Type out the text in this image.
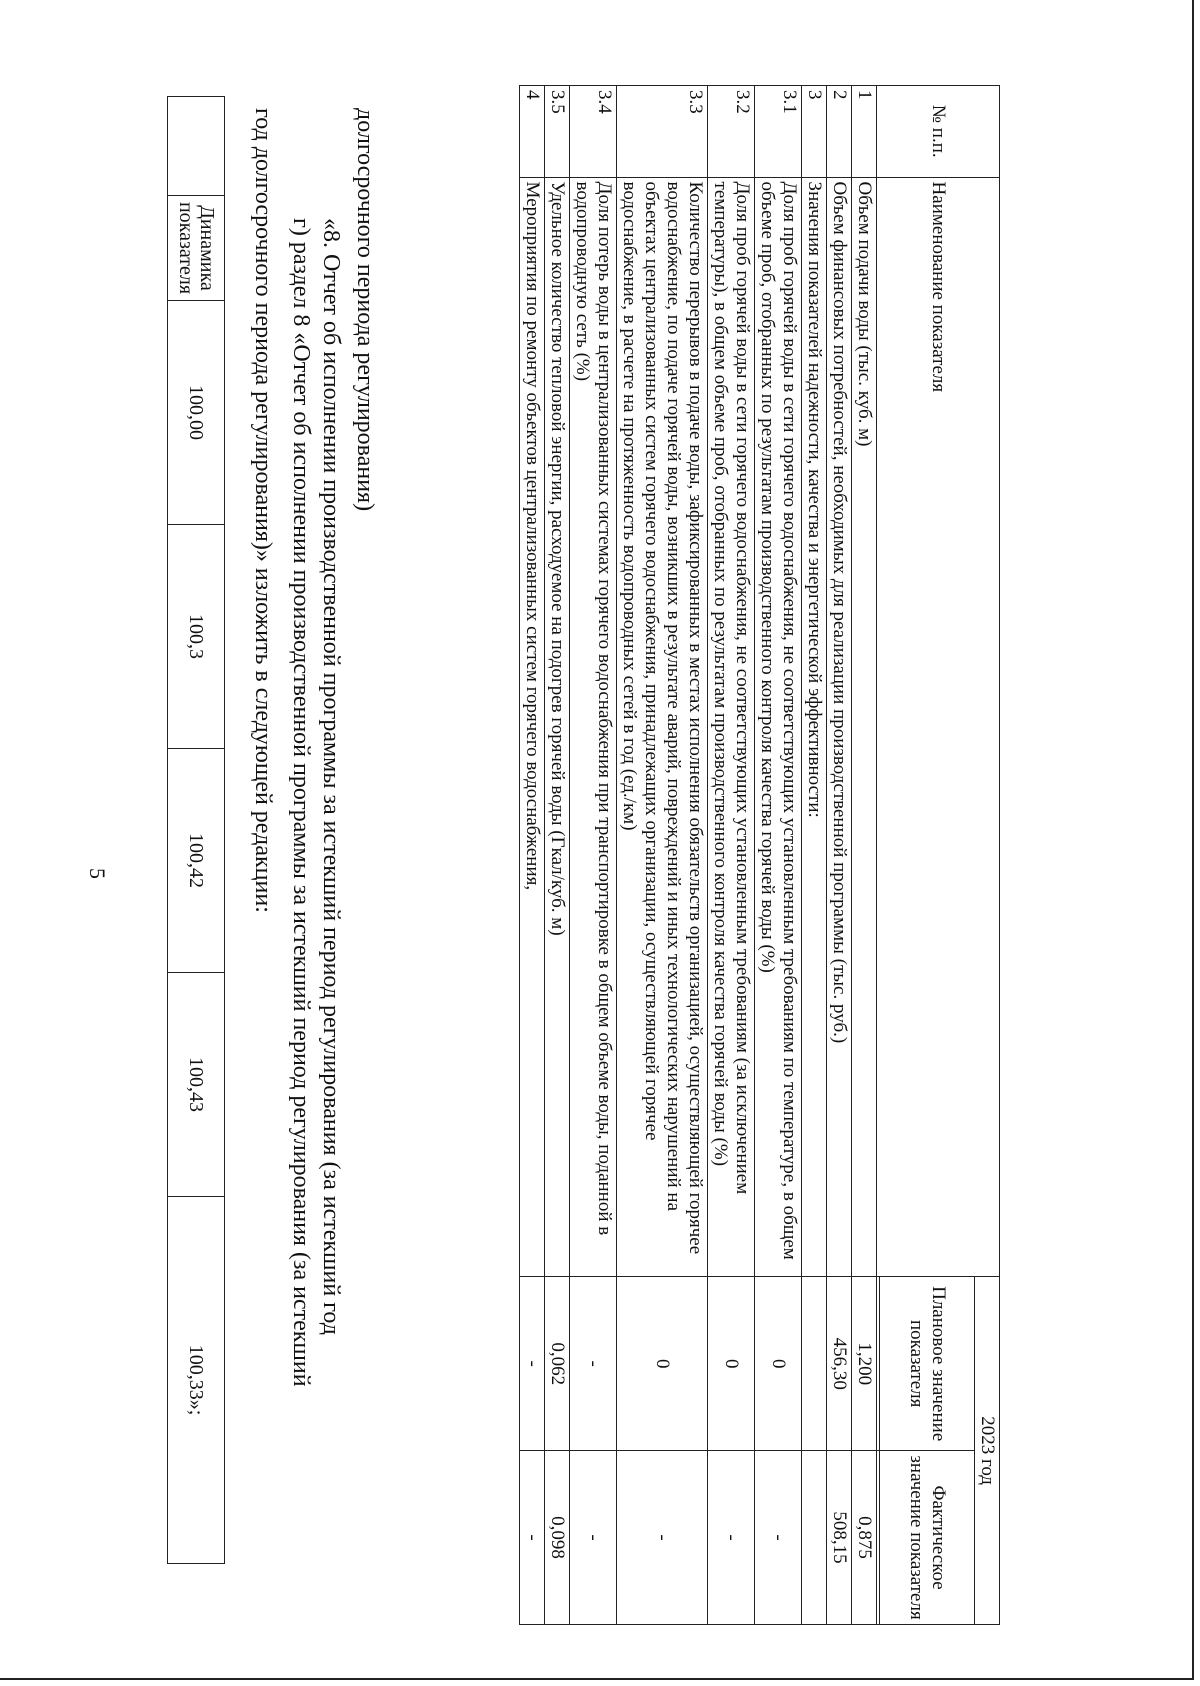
5
	Динамика показателя	100,00	100,3	100,42	100,43	100,33»;	г) раздел 8 «Отчет об исполнении производственной программы за истекший период регулирования (за истекший
год долгосрочного периода регулирования)» изложить в следующей редакции: «8. Отчет об исполнении производственной программы за истекший период регулирования (за истекший год долгосрочного периода регулирования)	№ п.п.	Наименование показателя	2023 год	
		Плановое значение показателя	Фактическое значение показателя

1	Объем подачи воды (тыс. куб. м)	1,200	0,875
2	Объем финансовых потребностей, необходимых для реализации производственной программы (тыс. руб.)	456,30	508,15
3	Значения показателей надежности, качества и энергетической эффективности:		
3.1	Доля проб горячей воды в сети горячего водоснабжения, не соответствующих установленным требованиям по температуре, в общем объеме проб, отобранных по результатам производственного контроля качества горячей воды (%)	0	-
3.2	Доля проб горячей воды в сети горячего водоснабжения, не соответствующих установленным требованиям (за исключением температуры), в общем объеме проб, отобранных по результатам производственного контроля качества горячей воды (%)	0	-
3.3	Количество перерывов в подаче воды, зафиксированных в местах исполнения обязательств организацией, осуществляющей горячее водоснабжение, по подаче горячей воды, возникших в результате аварий, повреждений и иных технологических нарушений на объектах централизованных систем горячего водоснабжения, принадлежащих организации, осуществляющей горячее водоснабжение, в расчете на протяженность водопроводных сетей в год (ед./км)	0	-
3.4	Доля потерь воды в централизованных системах горячего водоснабжения при транспортировке в общем объеме воды, поданной в водопроводную сеть (%)	-	-
3.5	Удельное количество тепловой энергии, расходуемое на подогрев горячей воды (Гкал/куб. м)	0,062	0,098
4	Мероприятия по ремонту объектов централизованных систем горячего водоснабжения,	-	-
